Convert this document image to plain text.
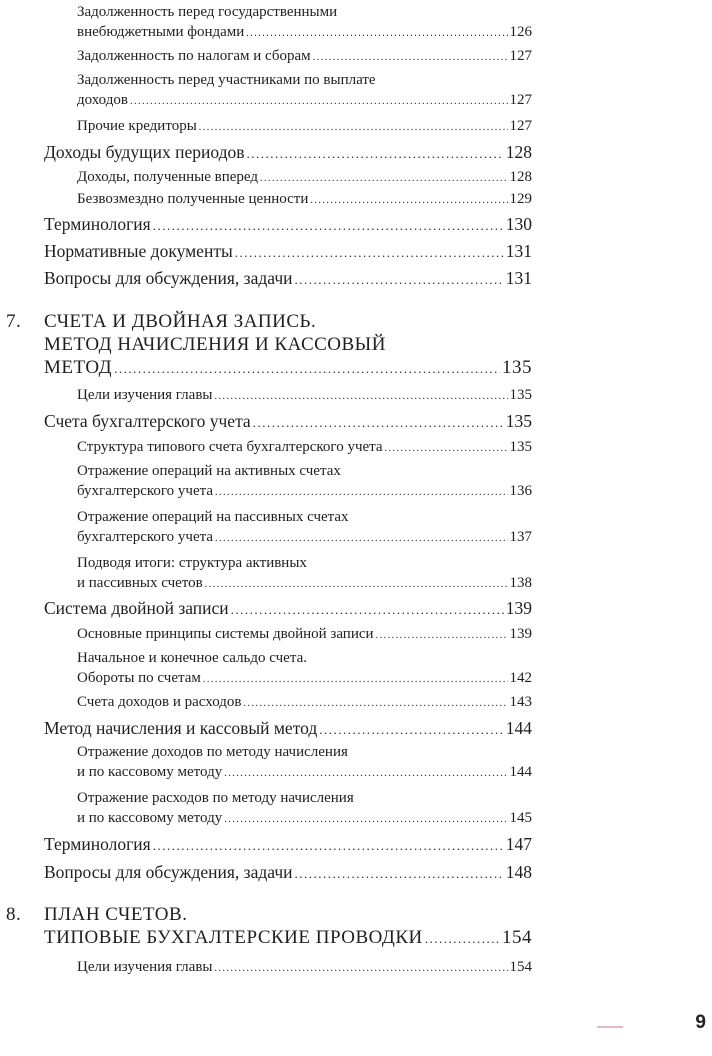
Задолженность перед государственными
внебюджетными фондами .....	126
Задолженность по налогам и сборам .....	127
Задолженность перед участниками по выплате
доходов .....	127
Прочие кредиторы .....	127
Доходы будущих периодов .....	128
Доходы, полученные вперед .....	128
Безвозмездно полученные ценности .....	129
Терминология .....	130
Нормативные документы .....	131
Вопросы для обсуждения, задачи .....	131
7. СЧЕТА И ДВОЙНАЯ ЗАПИСЬ.
МЕТОД НАЧИСЛЕНИЯ И КАССОВЫЙ
МЕТОД .....	135
Цели изучения главы .....	135
Счета бухгалтерского учета .....	135
Структура типового счета бухгалтерского учета .....	135
Отражение операций на активных счетах
бухгалтерского учета .....	136
Отражение операций на пассивных счетах
бухгалтерского учета .....	137
Подводя итоги: структура активных
и пассивных счетов .....	138
Система двойной записи .....	139
Основные принципы системы двойной записи .....	139
Начальное и конечное сальдо счета.
Обороты по счетам .....	142
Счета доходов и расходов .....	143
Метод начисления и кассовый метод .....	144
Отражение доходов по методу начисления
и по кассовому методу .....	144
Отражение расходов по методу начисления
и по кассовому методу .....	145
Терминология .....	147
Вопросы для обсуждения, задачи .....	148
8. ПЛАН СЧЕТОВ.
ТИПОВЫЕ БУХГАЛТЕРСКИЕ ПРОВОДКИ .....	154
Цели изучения главы .....	154
9
